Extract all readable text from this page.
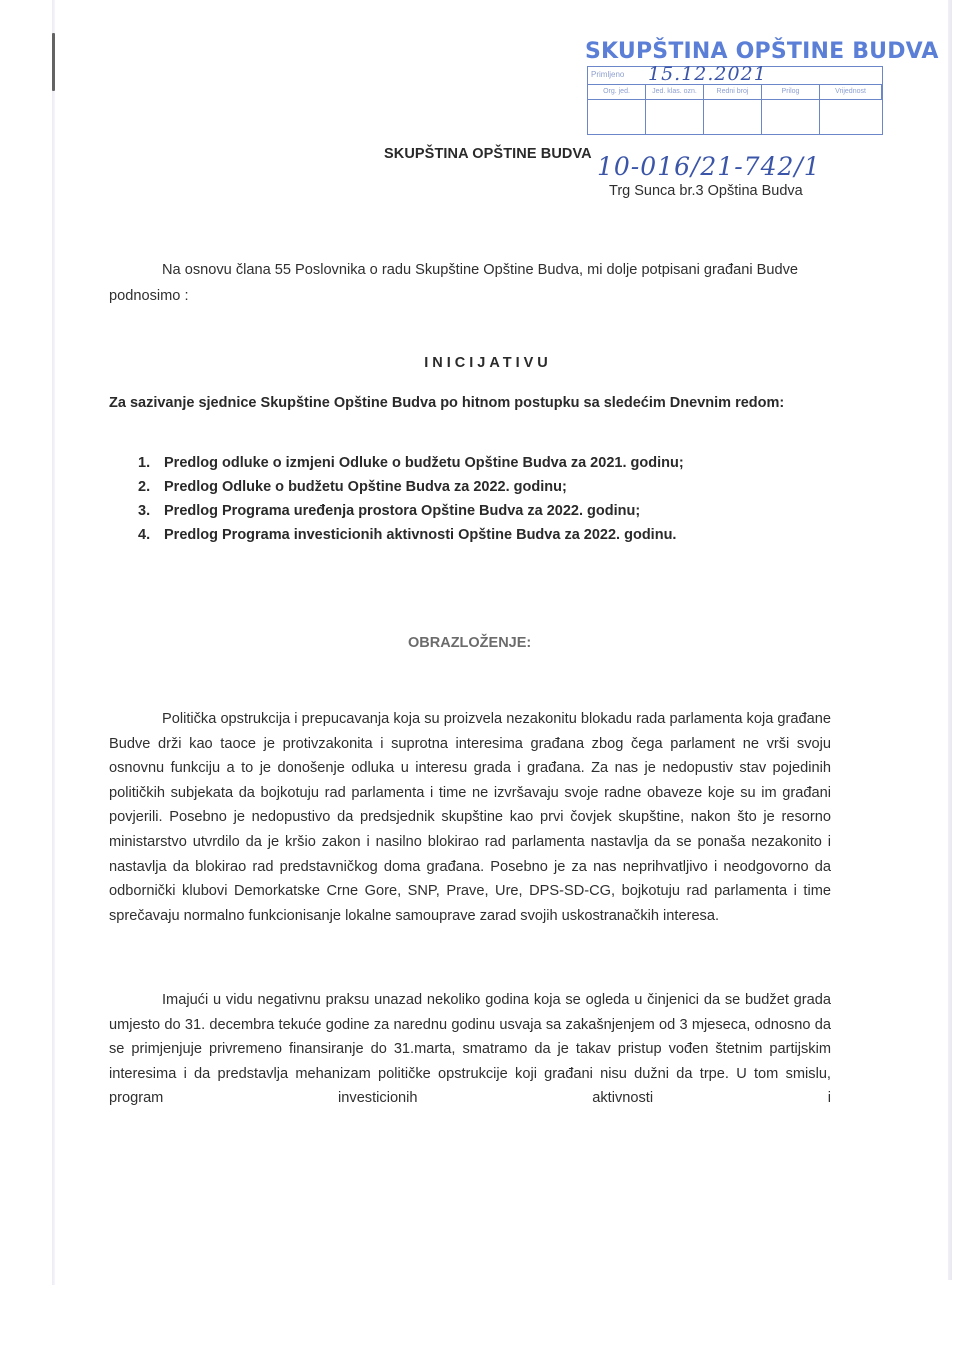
SKUPŠTINA OPŠTINE BUDVA
Primljeno 15.12.2021
Org. jed.	Jed. klas. ozn.	Redni broj	Prilog	Vrijednost
10-016/21-742/1
SKUPŠTINA OPŠTINE BUDVA
Trg Sunca br.3 Opština Budva
Na osnovu člana 55 Poslovnika o radu Skupštine Opštine Budva, mi dolje potpisani građani Budve podnosimo :
INICIJATIVU
Za sazivanje sjednice Skupštine Opštine Budva po hitnom postupku sa sledećim Dnevnim redom:
1. Predlog odluke o izmjeni Odluke o budžetu Opštine Budva za 2021. godinu;
2. Predlog Odluke o budžetu Opštine Budva za 2022. godinu;
3. Predlog Programa uređenja prostora Opštine Budva za 2022. godinu;
4. Predlog Programa investicionih aktivnosti Opštine Budva za 2022. godinu.
OBRAZLOŽENJE:
Politička opstrukcija i prepucavanja koja su proizvela nezakonitu blokadu rada parlamenta koja građane Budve drži kao taoce je protivzakonita i suprotna interesima građana zbog čega parlament ne vrši svoju osnovnu funkciju a to je donošenje odluka u interesu grada i građana. Za nas je nedopustiv stav pojedinih političkih subjekata da bojkotuju rad parlamenta i time ne izvršavaju svoje radne obaveze koje su im građani povjerili. Posebno je nedopustivo da predsjednik skupštine kao prvi čovjek skupštine, nakon što je resorno ministarstvo utvrdilo da je kršio zakon i nasilno blokirao rad parlamenta nastavlja da se ponaša nezakonito i nastavlja da blokirao rad predstavničkog doma građana. Posebno je za nas neprihvatljivo i neodgovorno da odbornički klubovi Demorkatske Crne Gore, SNP, Prave, Ure, DPS-SD-CG, bojkotuju rad parlamenta i time sprečavaju normalno funkcionisanje lokalne samouprave zarad svojih uskostranačkih interesa.
Imajući u vidu negativnu praksu unazad nekoliko godina koja se ogleda u činjenici da se budžet grada umjesto do 31. decembra tekuće godine za narednu godinu usvaja sa zakašnjenjem od 3 mjeseca, odnosno da se primjenjuje privremeno finansiranje do 31.marta, smatramo da je takav pristup vođen štetnim partijskim interesima i da predstavlja mehanizam političke opstrukcije koji građani nisu dužni da trpe. U tom smislu, program investicionih aktivnosti i
